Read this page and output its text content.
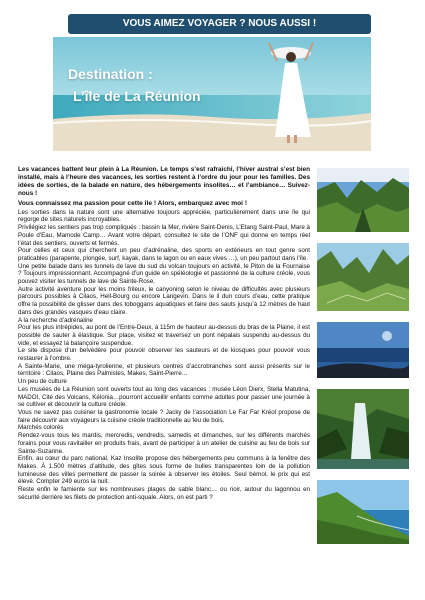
VOUS AIMEZ VOYAGER ? NOUS AUSSI !
Destination :
L’île de La Réunion

Les vacances battent leur plein à La Réunion. Le temps s’est rafraichi, l’hiver austral s’est bien installé, mais à l’heure des vacances, les sorties restent à l’ordre du jour pour les familles. Des idées de sorties, de la balade en nature, des hébergements insolites… et l’ambiance… Suivez-nous !

Vous connaissez ma passion pour cette île ! Alors, embarquez avec moi !

Les sorties dans la nature sont une alternative toujours appréciée, particulièrement dans une île qui regorge de sites naturels incroyables.

Privilégiez les sentiers pas trop compliqués : bassin la Mer, rivière Saint-Denis, L’Etang Saint-Paul, Mare à Poule d’Eau, Mamode Camp… Avant votre départ, consultez le site de l’ONF qui donne en temps réel l’état des sentiers, ouverts et fermés.

Pour celles et ceux qui cherchent un peu d’adrénaline, des sports en extérieurs en tout genre sont praticables (parapente, plongée, surf, kayak, dans le lagon ou en eaux vives …), un peu partout dans l’île.

Une petite balade dans les tunnels de lave du sud du volcan toujours en activité, le Piton de la Fournaise ? Toujours impressionnant. Accompagné d’un guide en spéléologie et passionné de la culture créole, vous pouvez visiter les tunnels de lave de Sainte-Rose.

Autre activité aventure pour les moins frileux, le canyoning selon le niveau de difficultés avec plusieurs parcours possibles à Cilaos, Hell-Bourg ou encore Langevin. Dans le il dun cours d’eau, cette pratique offre la possibilité de glisser dans des toboggans aquatiques et faire des sauts jusqu’à 12 mètres de haut dans des grandes vasques d’eau claire.

A la recherche d’adrénaline

Pour les plus intrépides, au pont de l’Entre-Deux, à 115m de hauteur au-dessus du bras de la Plaine, il est possible de sauter à élastique. Sur place, visitez et traversez un pont népalais suspendu au-dessus du vide, et essayez la balançoire suspendue.

Le site dispose d’un belvédère pour pouvoir observer les sauteurs et de kiosques pour pouvoir vous restaurer à l’ombre.

A Sainte-Marie, une méga-tyrolienne, et plusieurs centres d’accrobranches sont aussi présents sur le territoire : Cilaos, Plaine des Palmistes, Makes, Saint-Pierre…

Un peu de culture

Les musées de La Réunion sont ouverts tout au long des vacances : musée Léon Dierx, Stella Matutina, MADOI, Cité des Volcans, Kélonia…pourront accueillir enfants comme adultes pour passer une journée à se cultiver et découvrir la culture créole.

Vous ne savez pas cuisiner la gastronomie locale ? Jacky de l’association Le Far Far Kréol propose de faire découvrir aux voyageurs la cuisine créole traditionnelle au feu de bois.

Marchés colorés

Rendez-vous tous les mardis, mercredis, vendredis, samedis et dimanches, sur les différents marchés forains pour vous ravitailler en produits frais, avant de participer à un atelier de cuisine au feu de bois sur Sainte-Suzanne.

Enfin, au cœur du parc national, Kaz Insolite propose des hébergements peu communs à la fenêtre des Makes. À 1.500 mètres d’altitude, des gîtes sous forme de bulles transparentes loin de la pollution lumineuse des villes permettent de passer la soirée à observer les étoiles. Seul bémol, le prix qui est élevé. Compter 249 euros la nuit.

Reste enfin le farniente sur les nombreuses plages de sable blanc… ou noir, autour du lagonnou en sécurité derrière les filets de protection anti-squale. Alors, on est parti ?
